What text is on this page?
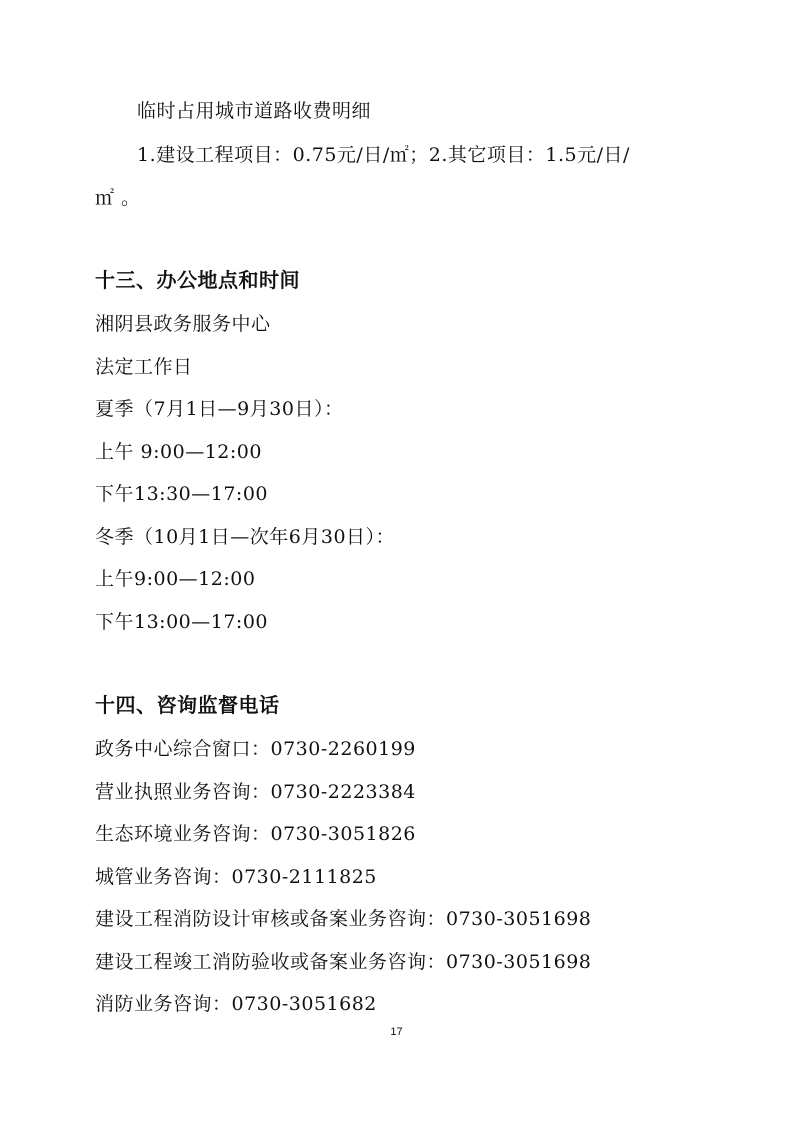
临时占用城市道路收费明细
1.建设工程项目：0.75元/日/㎡；2.其它项目：1.5元/日/
㎡ 。
十三、办公地点和时间
湘阴县政务服务中心
法定工作日
夏季（7月1日—9月30日）：
上午 9:00—12:00
下午13:30—17:00
冬季（10月1日—次年6月30日）：
上午9:00—12:00
下午13:00—17:00
十四、咨询监督电话
政务中心综合窗口：0730-2260199
营业执照业务咨询：0730-2223384
生态环境业务咨询：0730-3051826
城管业务咨询：0730-2111825
建设工程消防设计审核或备案业务咨询：0730-3051698
建设工程竣工消防验收或备案业务咨询：0730-3051698
消防业务咨询：0730-3051682
17
